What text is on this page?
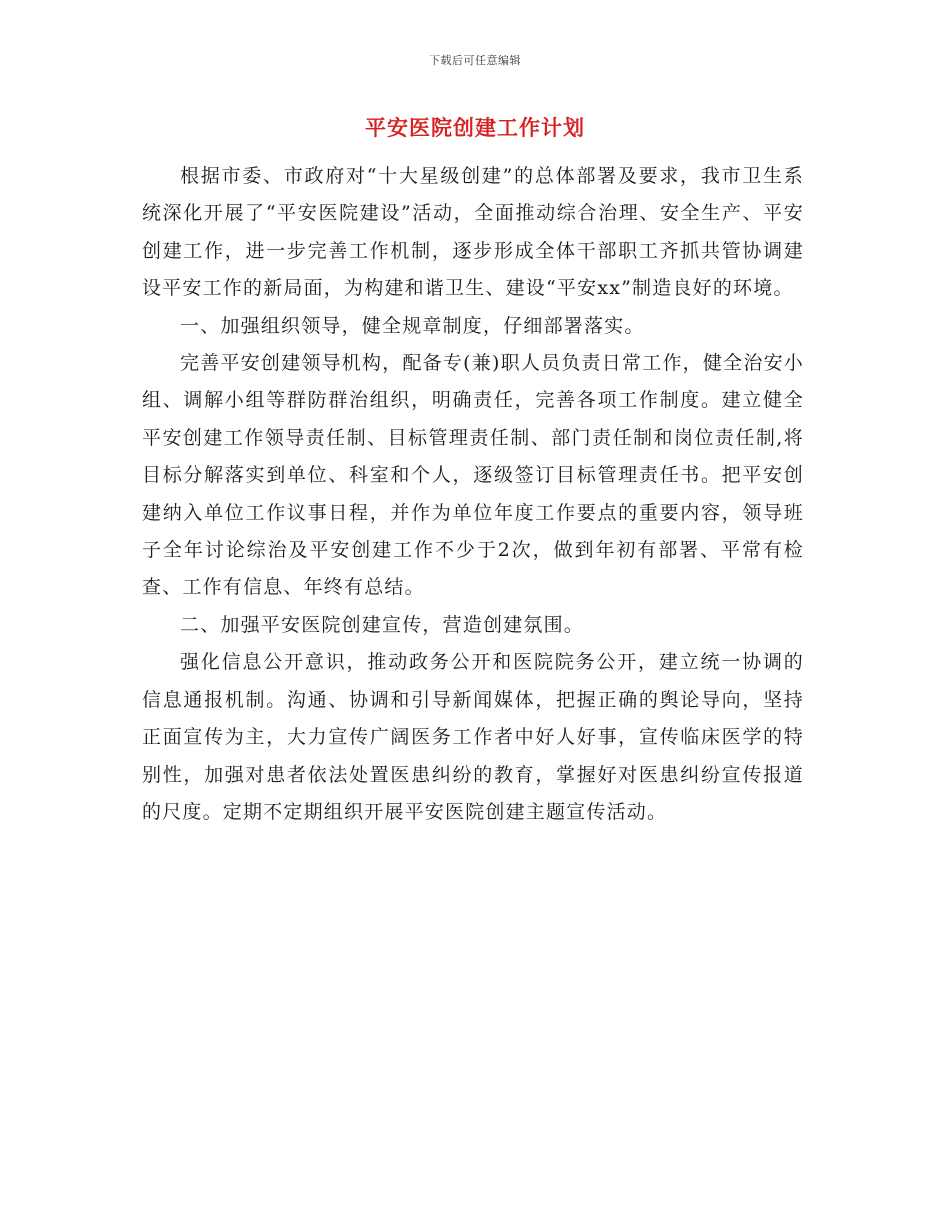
下载后可任意编辑
平安医院创建工作计划

根据市委、市政府对“十大星级创建”的总体部署及要求，我市卫生系统深化开展了“平安医院建设”活动，全面推动综合治理、安全生产、平安创建工作，进一步完善工作机制，逐步形成全体干部职工齐抓共管协调建设平安工作的新局面，为构建和谐卫生、建设“平安xx”制造良好的环境。

一、加强组织领导，健全规章制度，仔细部署落实。

完善平安创建领导机构，配备专(兼)职人员负责日常工作，健全治安小组、调解小组等群防群治组织，明确责任，完善各项工作制度。建立健全平安创建工作领导责任制、目标管理责任制、部门责任制和岗位责任制,将目标分解落实到单位、科室和个人，逐级签订目标管理责任书。把平安创建纳入单位工作议事日程，并作为单位年度工作要点的重要内容，领导班子全年讨论综治及平安创建工作不少于2次，做到年初有部署、平常有检查、工作有信息、年终有总结。

二、加强平安医院创建宣传，营造创建氛围。

强化信息公开意识，推动政务公开和医院院务公开，建立统一协调的信息通报机制。沟通、协调和引导新闻媒体，把握正确的舆论导向，坚持正面宣传为主，大力宣传广阔医务工作者中好人好事，宣传临床医学的特别性，加强对患者依法处置医患纠纷的教育，掌握好对医患纠纷宣传报道的尺度。定期不定期组织开展平安医院创建主题宣传活动。
